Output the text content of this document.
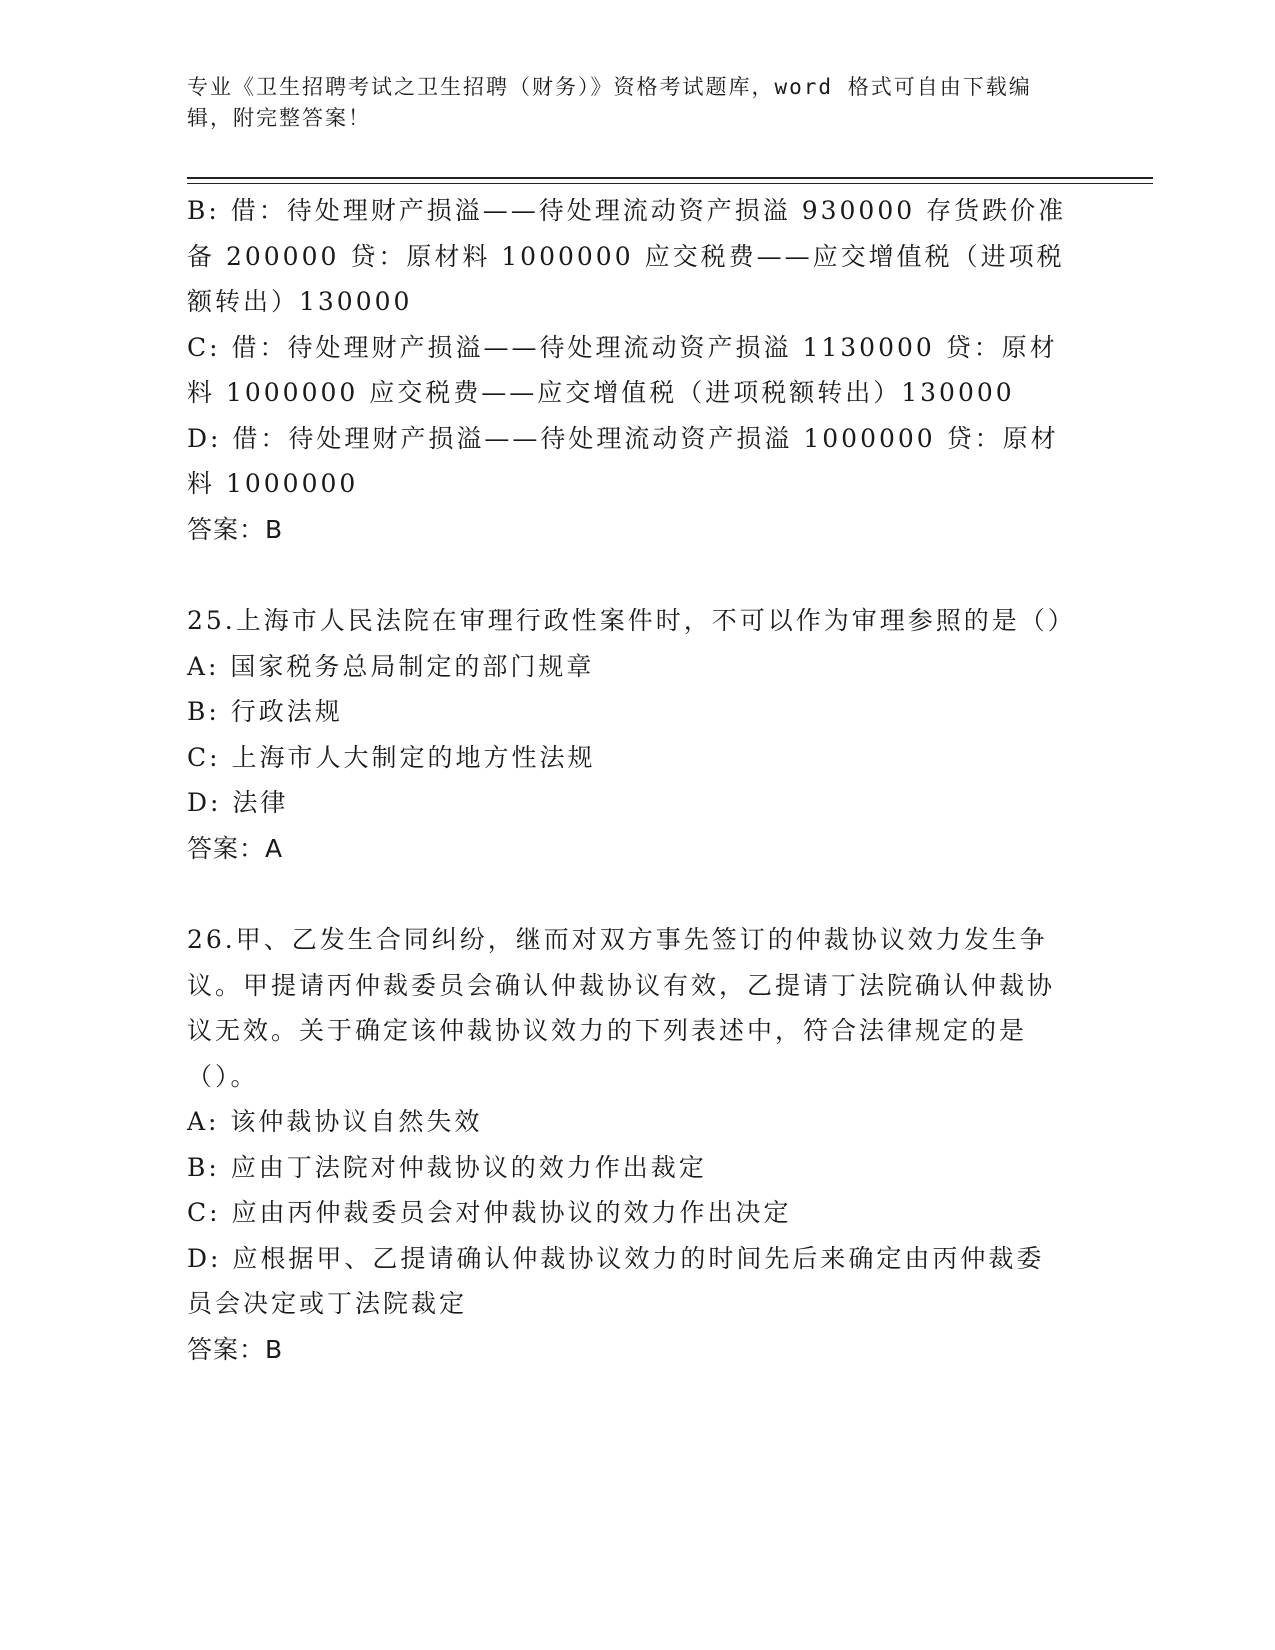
专业《卫生招聘考试之卫生招聘（财务）》资格考试题库，word 格式可自由下载编辑，附完整答案！

B: 借：待处理财产损溢——待处理流动资产损溢 930000 存货跌价准备 200000 贷：原材料 1000000 应交税费——应交增值税（进项税额转出）130000

C: 借：待处理财产损溢——待处理流动资产损溢 1130000 贷：原材料 1000000 应交税费——应交增值税（进项税额转出）130000

D: 借：待处理财产损溢——待处理流动资产损溢 1000000 贷：原材料 1000000

答案：B

25.上海市人民法院在审理行政性案件时，不可以作为审理参照的是（）

A: 国家税务总局制定的部门规章

B: 行政法规

C: 上海市人大制定的地方性法规

D: 法律

答案：A

26.甲、乙发生合同纠纷，继而对双方事先签订的仲裁协议效力发生争议。甲提请丙仲裁委员会确认仲裁协议有效，乙提请丁法院确认仲裁协议无效。关于确定该仲裁协议效力的下列表述中，符合法律规定的是（）。

A: 该仲裁协议自然失效

B: 应由丁法院对仲裁协议的效力作出裁定

C: 应由丙仲裁委员会对仲裁协议的效力作出决定

D: 应根据甲、乙提请确认仲裁协议效力的时间先后来确定由丙仲裁委员会决定或丁法院裁定

答案：B
